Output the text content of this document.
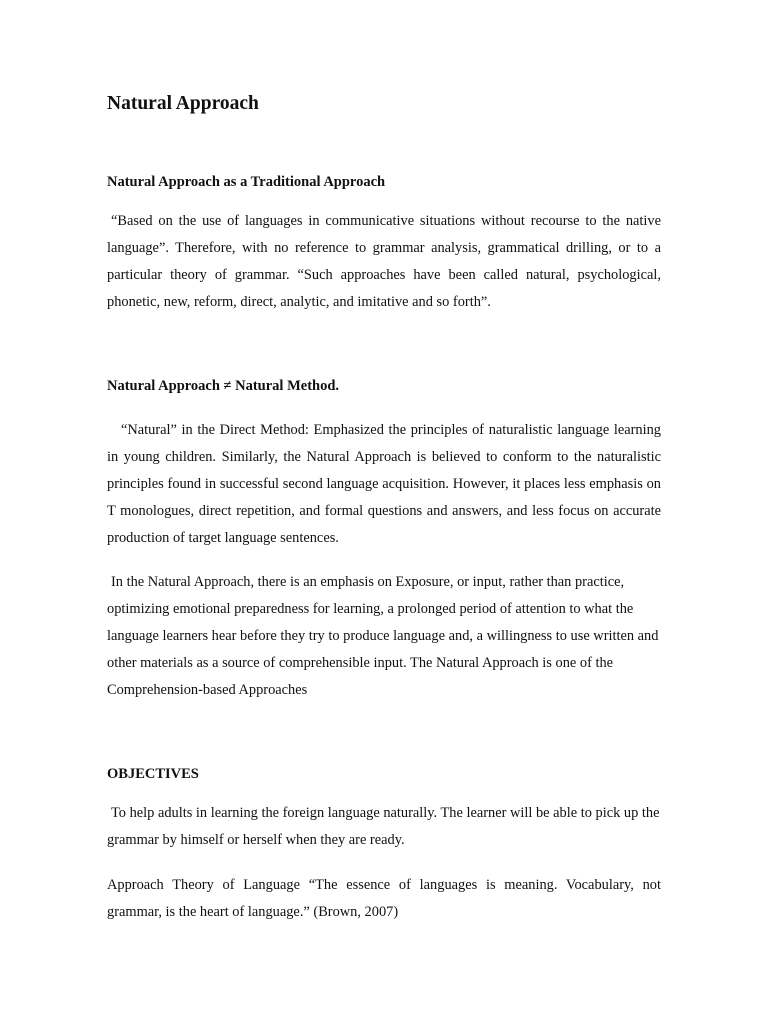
Natural Approach
Natural Approach as a Traditional Approach

“Based on the use of languages in communicative situations without recourse to the native language”. Therefore, with no reference to grammar analysis, grammatical drilling, or to a particular theory of grammar. “Such approaches have been called natural, psychological, phonetic, new, reform, direct, analytic, and imitative and so forth”.

Natural Approach ≠ Natural Method.

“Natural” in the Direct Method: Emphasized the principles of naturalistic language learning in young children. Similarly, the Natural Approach is believed to conform to the naturalistic principles found in successful second language acquisition. However, it places less emphasis on T monologues, direct repetition, and formal questions and answers, and less focus on accurate production of target language sentences.

In the Natural Approach, there is an emphasis on Exposure, or input, rather than practice, optimizing emotional preparedness for learning, a prolonged period of attention to what the language learners hear before they try to produce language and, a willingness to use written and other materials as a source of comprehensible input. The Natural Approach is one of the Comprehension-based Approaches

OBJECTIVES

To help adults in learning the foreign language naturally. The learner will be able to pick up the grammar by himself or herself when they are ready.

Approach Theory of Language “The essence of languages is meaning. Vocabulary, not grammar, is the heart of language.” (Brown, 2007)
